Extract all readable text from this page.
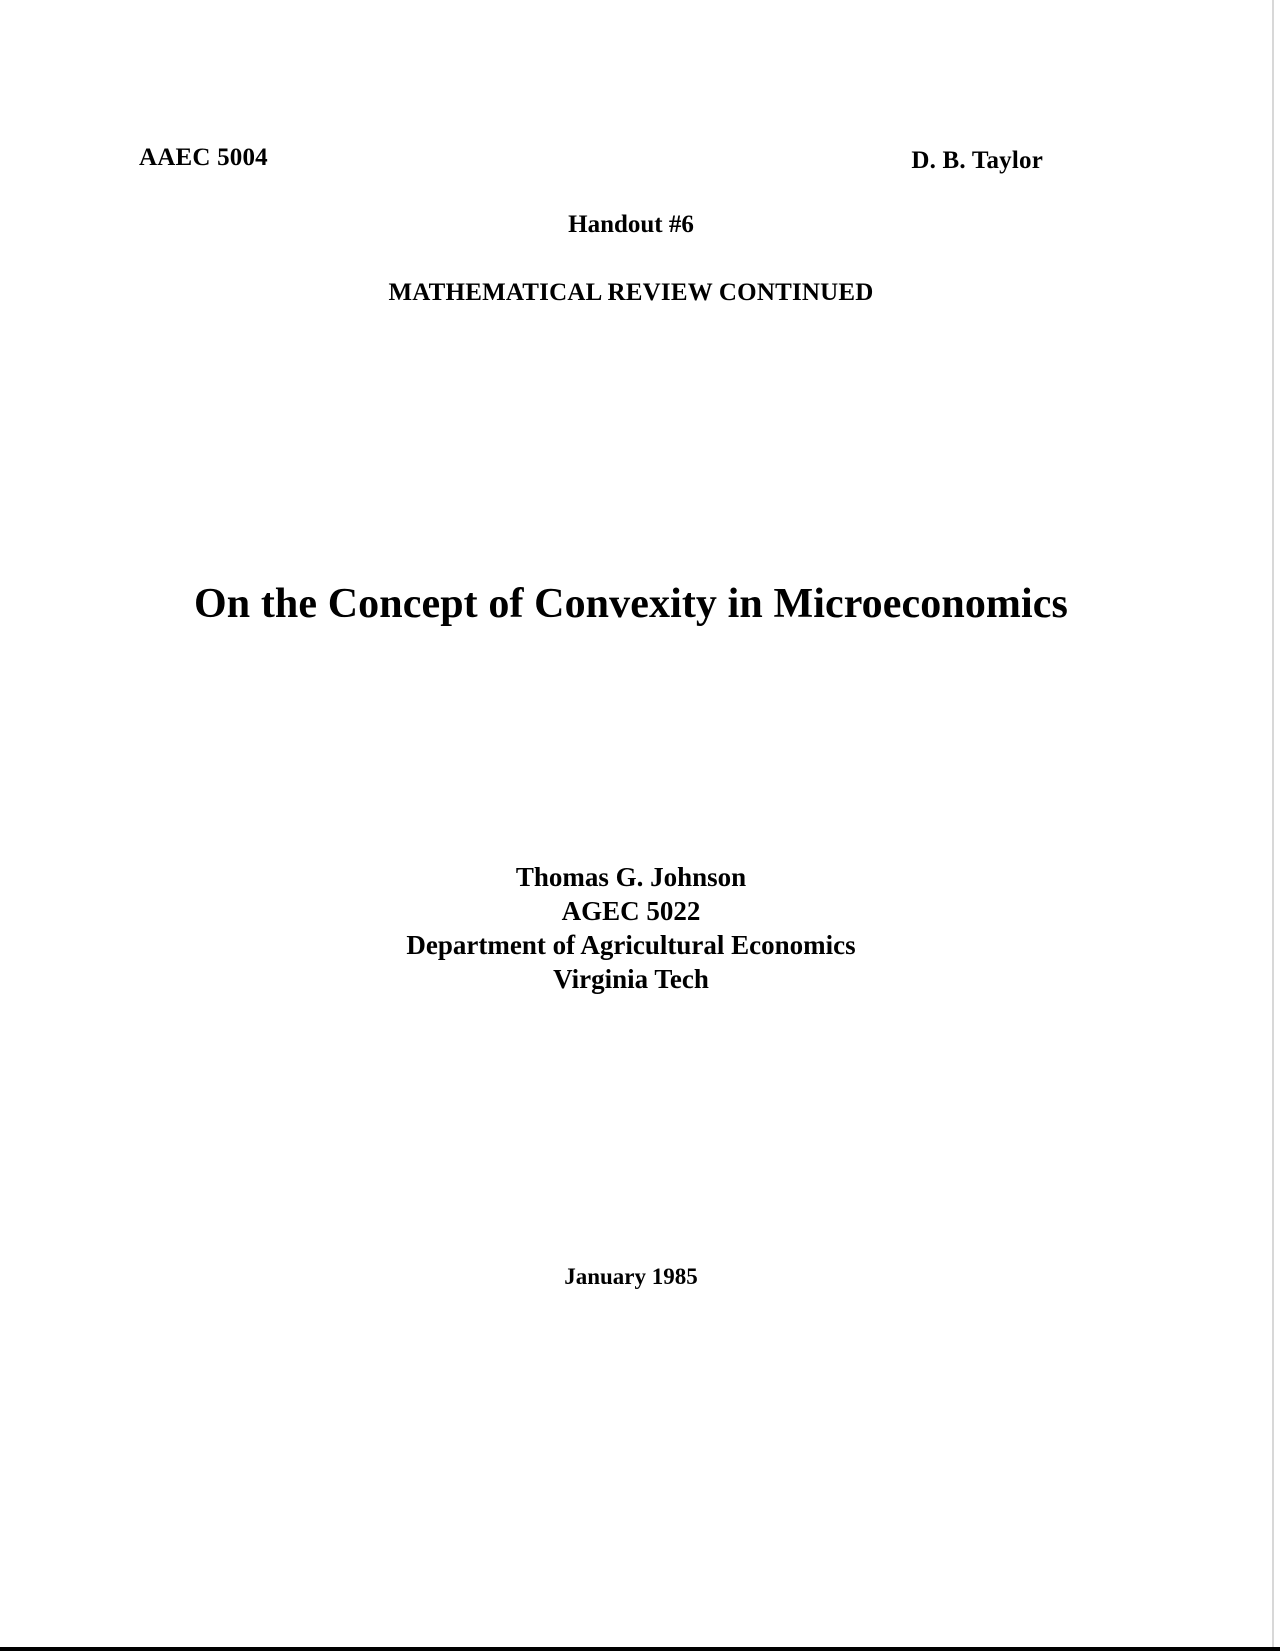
AAEC 5004	D. B. Taylor
Handout #6
MATHEMATICAL REVIEW CONTINUED
On the Concept of Convexity in Microeconomics
Thomas G. Johnson
AGEC 5022
Department of Agricultural Economics
Virginia Tech
January 1985
